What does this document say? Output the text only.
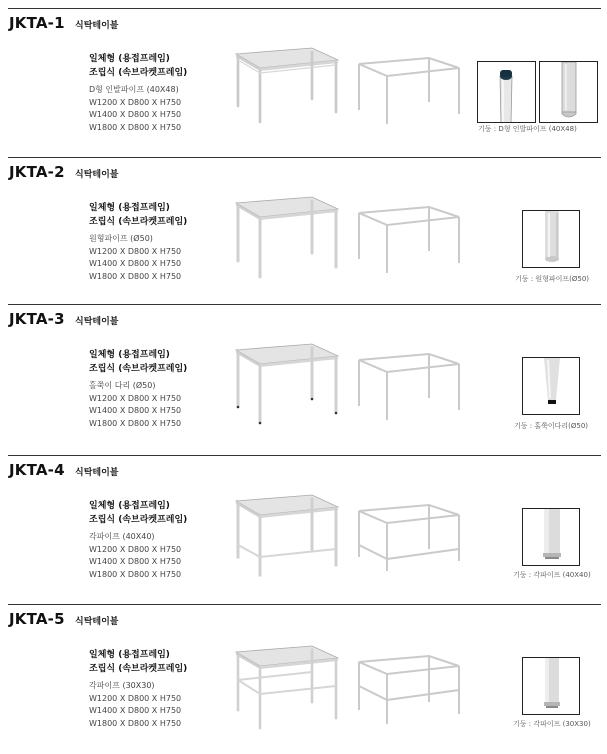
JKTA-1 식탁테이블
일체형 (용접프레임)
조립식 (속브라켓프레임)
D형 인발파이프 (40X48)
W1200 X D800 X H750
W1400 X D800 X H750
W1800 X D800 X H750	기둥 : D형 인발파이프 (40X48)
JKTA-2 식탁테이블
일체형 (용접프레임)
조립식 (속브라켓프레임)
원형파이프 (Ø50)
W1200 X D800 X H750
W1400 X D800 X H750
W1800 X D800 X H750	기둥 : 원형파이프(Ø50)
JKTA-3 식탁테이블
일체형 (용접프레임)
조립식 (속브라켓프레임)
홀쭉이 다리 (Ø50)
W1200 X D800 X H750
W1400 X D800 X H750
W1800 X D800 X H750	기둥 : 홀쭉이다리(Ø50)
JKTA-4 식탁테이블
일체형 (용접프레임)
조립식 (속브라켓프레임)
각파이프 (40X40)
W1200 X D800 X H750
W1400 X D800 X H750
W1800 X D800 X H750	기둥 : 각파이프 (40X40)
JKTA-5 식탁테이블
일체형 (용접프레임)
조립식 (속브라켓프레임)
각파이프 (30X30)
W1200 X D800 X H750
W1400 X D800 X H750
W1800 X D800 X H750	기둥 : 각파이프 (30X30)
